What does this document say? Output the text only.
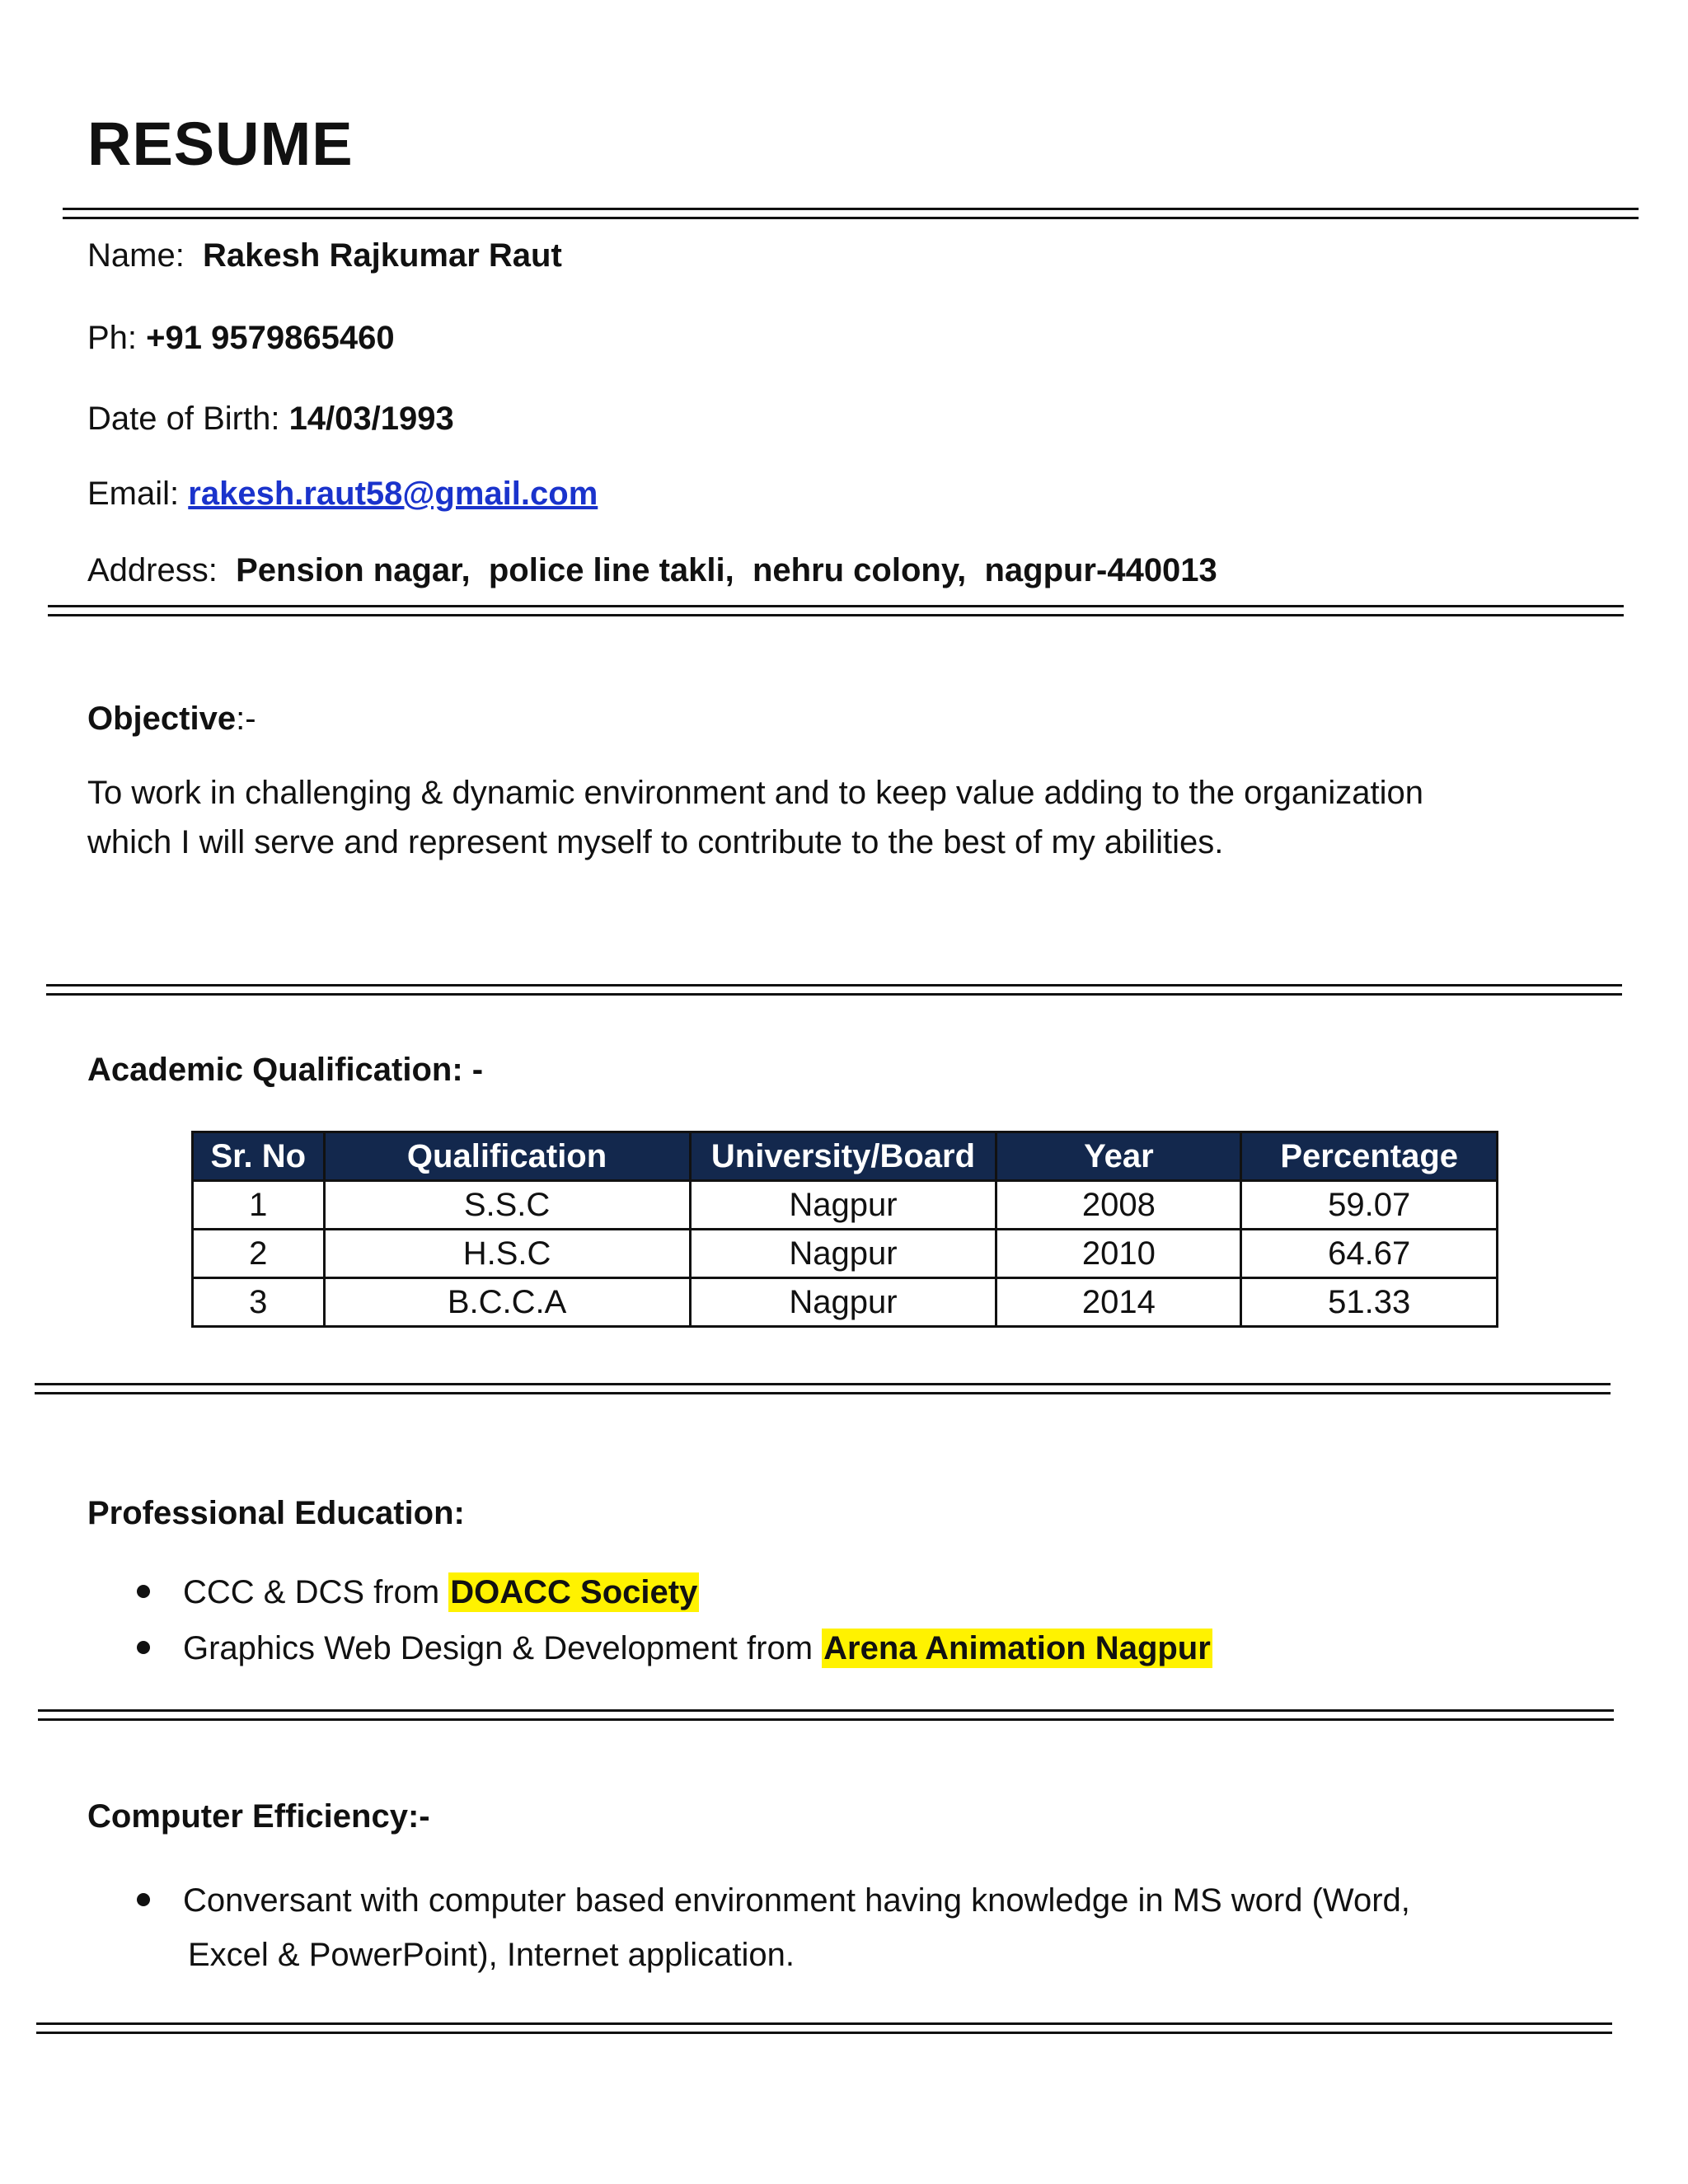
RESUME
Name: Rakesh Rajkumar Raut
Ph: +91 9579865460
Date of Birth: 14/03/1993
Email: rakesh.raut58@gmail.com
Address: Pension nagar,  police line takli,  nehru colony,  nagpur-440013
Objective:-
To work in challenging & dynamic environment and to keep value adding to the organization
which I will serve and represent myself to contribute to the best of my abilities.
Academic Qualification: -
Sr. No	Qualification	University/Board	Year	Percentage
1	S.S.C	Nagpur	2008	59.07
2	H.S.C	Nagpur	2010	64.67
3	B.C.C.A	Nagpur	2014	51.33
Professional Education:
CCC & DCS from DOACC Society
Graphics Web Design & Development from Arena Animation Nagpur
Computer Efficiency:-
Conversant with computer based environment having knowledge in MS word (Word,
Excel & PowerPoint), Internet application.
